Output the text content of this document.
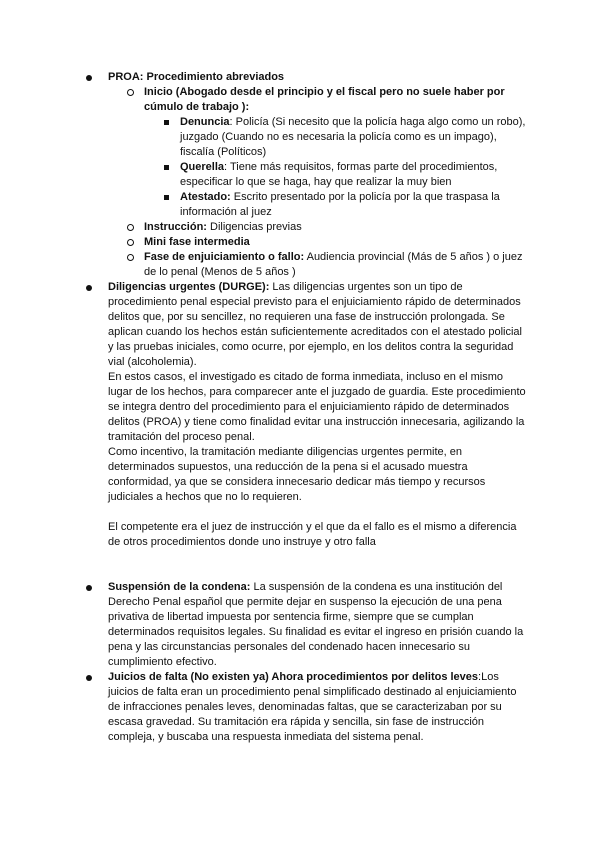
PROA: Procedimiento abreviados
Inicio (Abogado desde el principio y el fiscal pero no suele haber por cúmulo de trabajo ):
Denuncia: Policía (Si necesito que la policía haga algo como un robo), juzgado (Cuando no es necesaria la policía como es un impago), fiscalía (Políticos)
Querella: Tiene más requisitos, formas parte del procedimientos, especificar lo que se haga, hay que realizar la muy bien
Atestado: Escrito presentado por la policía por la que traspasa la información al juez
Instrucción: Diligencias previas
Mini fase intermedia
Fase de enjuiciamiento o fallo: Audiencia provincial (Más de 5 años ) o juez de lo penal (Menos de 5 años )
Diligencias urgentes (DURGE): Las diligencias urgentes son un tipo de procedimiento penal especial previsto para el enjuiciamiento rápido de determinados delitos que, por su sencillez, no requieren una fase de instrucción prolongada. Se aplican cuando los hechos están suficientemente acreditados con el atestado policial y las pruebas iniciales, como ocurre, por ejemplo, en los delitos contra la seguridad vial (alcoholemia).
En estos casos, el investigado es citado de forma inmediata, incluso en el mismo lugar de los hechos, para comparecer ante el juzgado de guardia. Este procedimiento se integra dentro del procedimiento para el enjuiciamiento rápido de determinados delitos (PROA) y tiene como finalidad evitar una instrucción innecesaria, agilizando la tramitación del proceso penal.
Como incentivo, la tramitación mediante diligencias urgentes permite, en determinados supuestos, una reducción de la pena si el acusado muestra conformidad, ya que se considera innecesario dedicar más tiempo y recursos judiciales a hechos que no lo requieren.
El competente era el juez de instrucción y el que da el fallo es el mismo a diferencia de otros procedimientos donde uno instruye y otro falla
Suspensión de la condena: La suspensión de la condena es una institución del Derecho Penal español que permite dejar en suspenso la ejecución de una pena privativa de libertad impuesta por sentencia firme, siempre que se cumplan determinados requisitos legales. Su finalidad es evitar el ingreso en prisión cuando la pena y las circunstancias personales del condenado hacen innecesario su cumplimiento efectivo.
Juicios de falta (No existen ya) Ahora procedimientos por delitos leves:Los juicios de falta eran un procedimiento penal simplificado destinado al enjuiciamiento de infracciones penales leves, denominadas faltas, que se caracterizaban por su escasa gravedad. Su tramitación era rápida y sencilla, sin fase de instrucción compleja, y buscaba una respuesta inmediata del sistema penal.
